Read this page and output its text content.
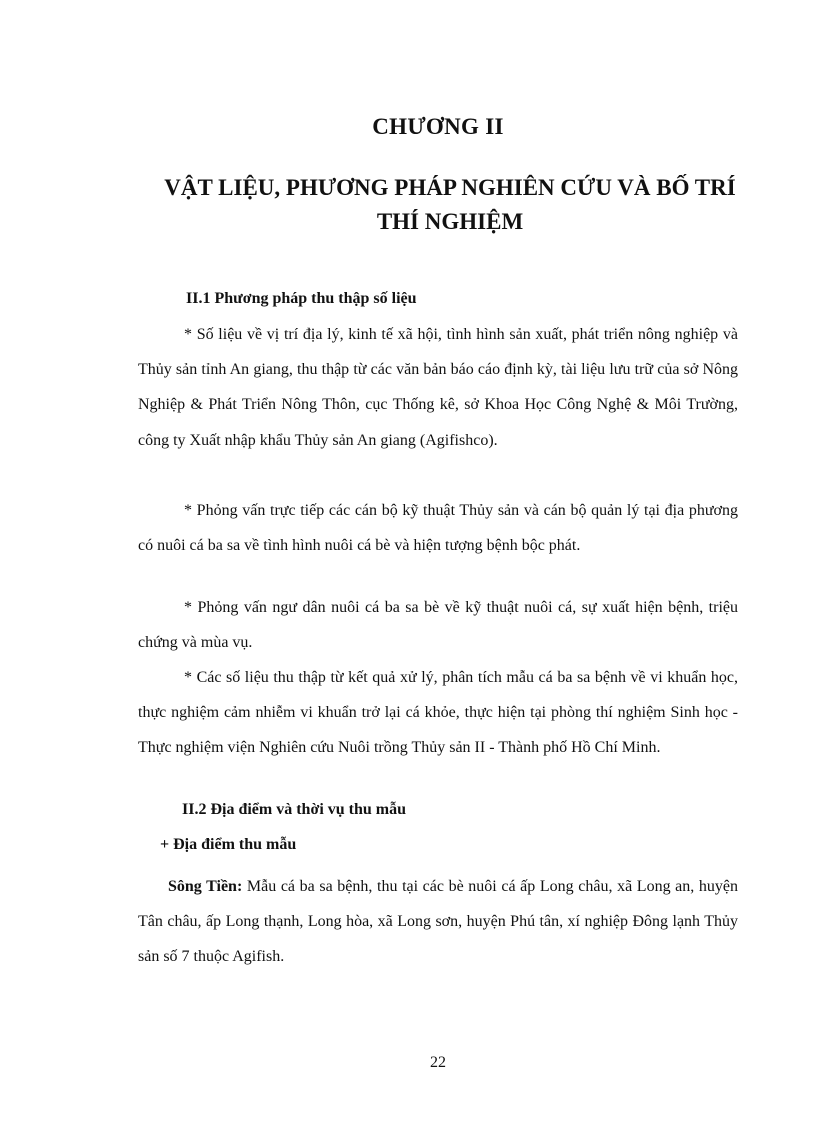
CHƯƠNG II
VẬT LIỆU, PHƯƠNG PHÁP NGHIÊN CỨU VÀ BỐ TRÍ THÍ NGHIỆM
II.1 Phương pháp thu thập số liệu
* Số liệu về vị trí địa lý, kinh tế xã hội, tình hình sản xuất, phát triển nông nghiệp và Thủy sản tỉnh An giang, thu thập từ các văn bản báo cáo định kỳ, tài liệu lưu trữ của sở Nông Nghiệp & Phát Triển Nông Thôn, cục Thống kê, sở Khoa Học Công Nghệ & Môi Trường, công ty Xuất nhập khẩu Thủy sản An giang (Agifishco).
* Phỏng vấn trực tiếp các cán bộ kỹ thuật Thủy sản và cán bộ quản lý tại địa phương có nuôi cá ba sa về tình hình nuôi cá bè và hiện tượng bệnh bộc phát.
* Phỏng vấn ngư dân nuôi cá ba sa bè về kỹ thuật nuôi cá, sự xuất hiện bệnh, triệu chứng và mùa vụ.
* Các số liệu thu thập từ kết quả xử lý, phân tích mẫu cá ba sa bệnh về vi khuẩn học, thực nghiệm cảm nhiễm vi khuẩn trở lại cá khỏe, thực hiện tại phòng thí nghiệm Sinh học - Thực nghiệm viện Nghiên cứu Nuôi trồng Thủy sản II - Thành phố Hồ Chí Minh.
II.2 Địa điểm và thời vụ thu mẫu
+ Địa điểm thu mẫu
Sông Tiền: Mẫu cá ba sa bệnh, thu tại các bè nuôi cá ấp Long châu, xã Long an, huyện Tân châu, ấp Long thạnh, Long hòa, xã Long sơn, huyện Phú tân, xí nghiệp Đông lạnh Thủy sản số 7 thuộc Agifish.
22
